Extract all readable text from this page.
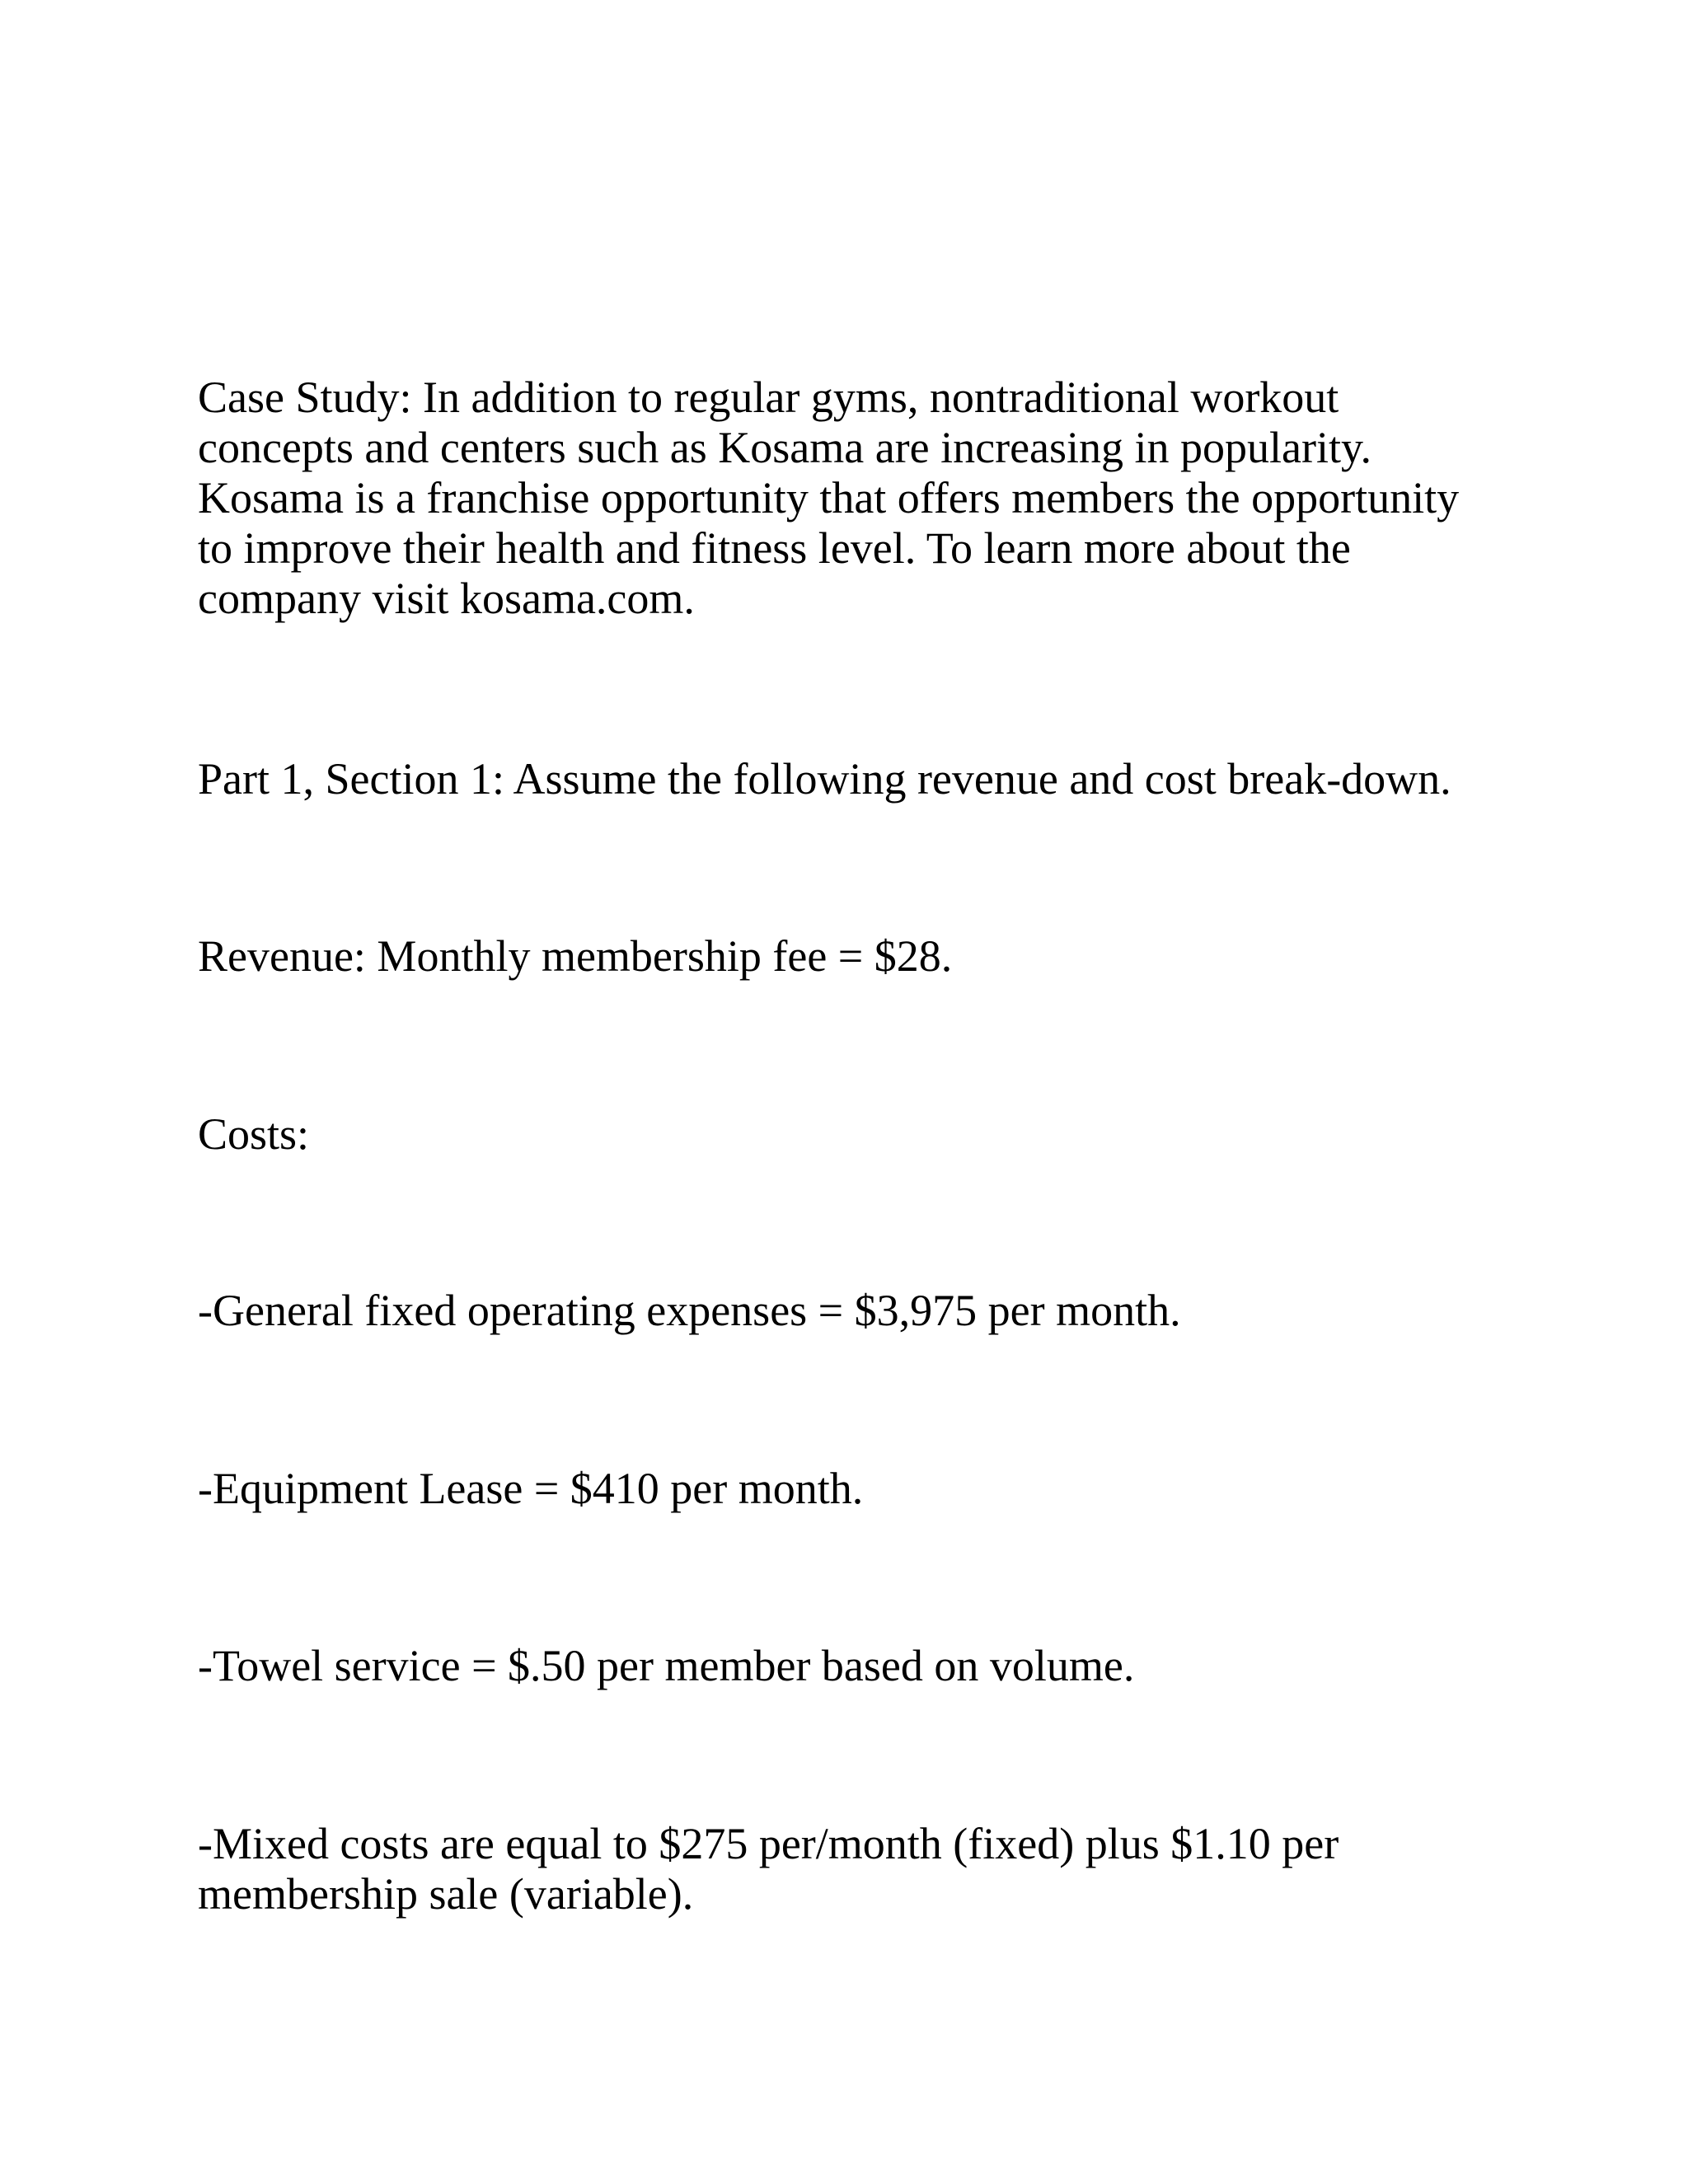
Case Study: In addition to regular gyms, nontraditional workout
concepts and centers such as Kosama are increasing in popularity.
Kosama is a franchise opportunity that offers members the opportunity
to improve their health and fitness level. To learn more about the
company visit kosama.com.

Part 1, Section 1: Assume the following revenue and cost break-down.

Revenue: Monthly membership fee = $28.

Costs:

-General fixed operating expenses = $3,975 per month.

-Equipment Lease = $410 per month.

-Towel service = $.50 per member based on volume.

-Mixed costs are equal to $275 per/month (fixed) plus $1.10 per
membership sale (variable).
